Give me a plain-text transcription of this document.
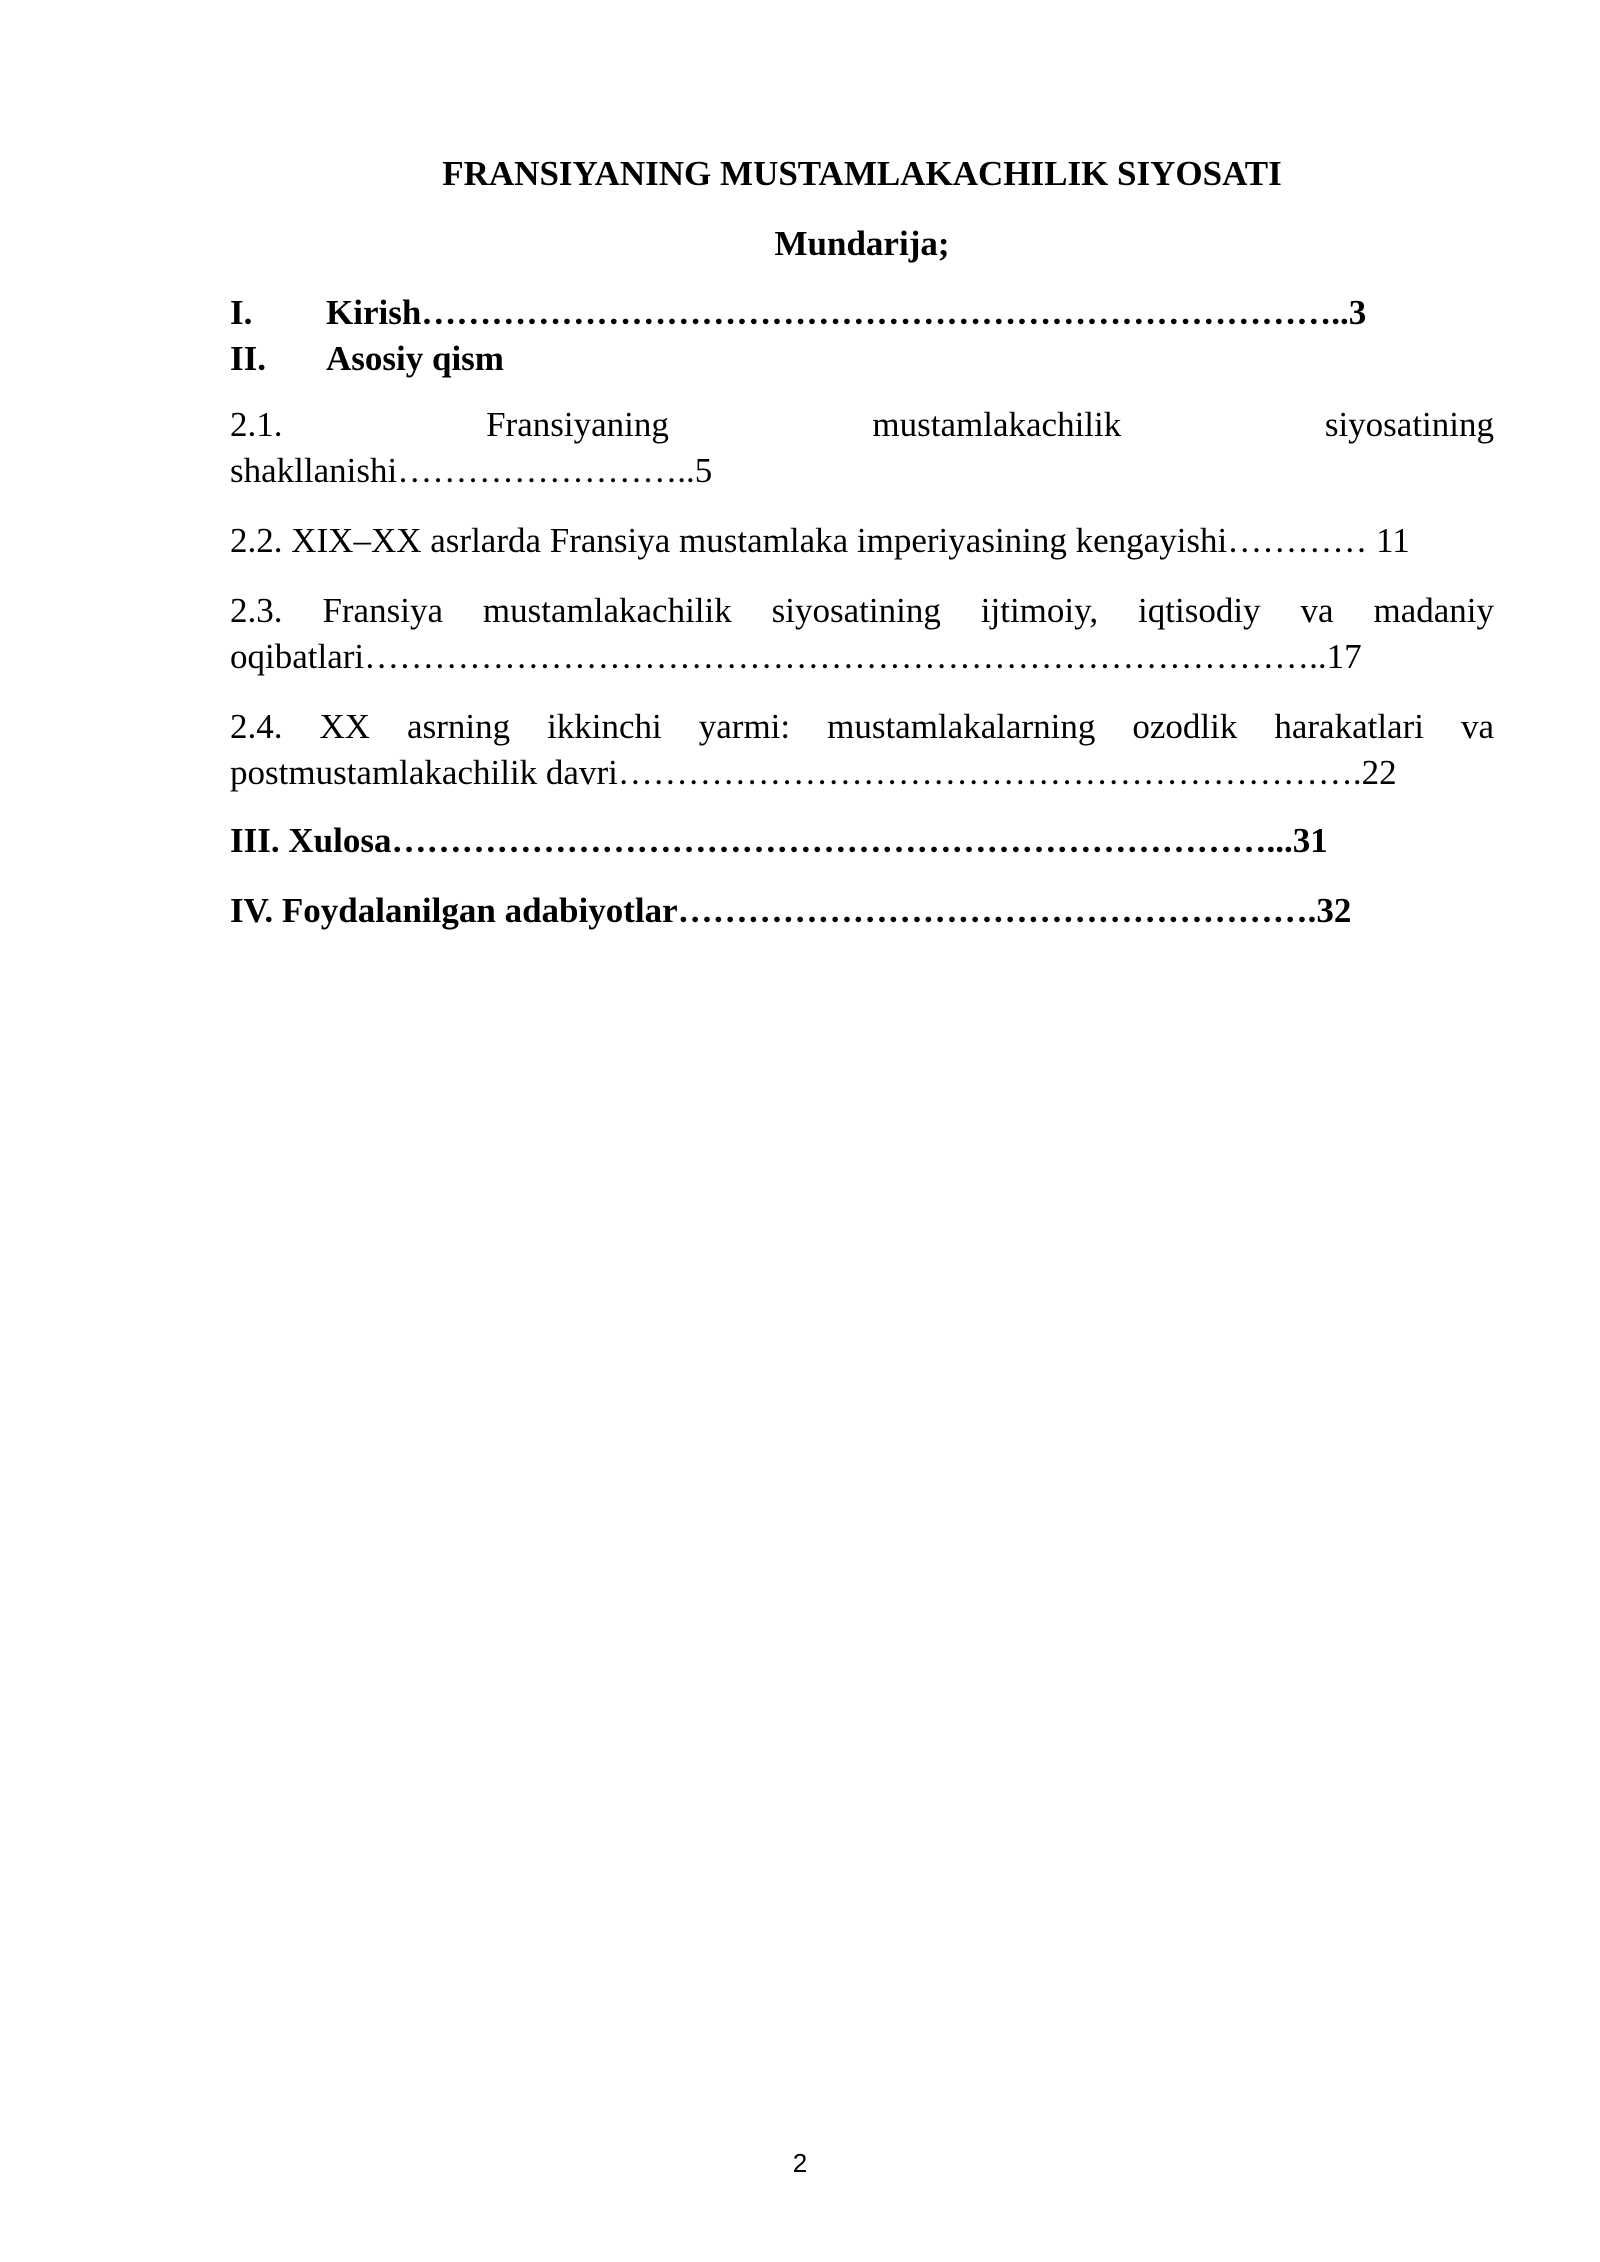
FRANSIYANING MUSTAMLAKACHILIK SIYOSATI
Mundarija;
I. Kirish……………………………………………………………………..3
II. Asosiy qism
2.1. Fransiyaning mustamlakachilik siyosatining
shakllanishi……………………..5
2.2. XIX–XX asrlarda Fransiya mustamlaka imperiyasining kengayishi………… 11
2.3. Fransiya mustamlakachilik siyosatining ijtimoiy, iqtisodiy va madaniy oqibatlari………………………………………………………………………..17
2.4. XX asrning ikkinchi yarmi: mustamlakalarning ozodlik harakatlari va postmustamlakachilik davri……………………………………………………….22
III. Xulosa…………………………………………………………………...31
IV. Foydalanilgan adabiyotlar……………………………………………….32
2
